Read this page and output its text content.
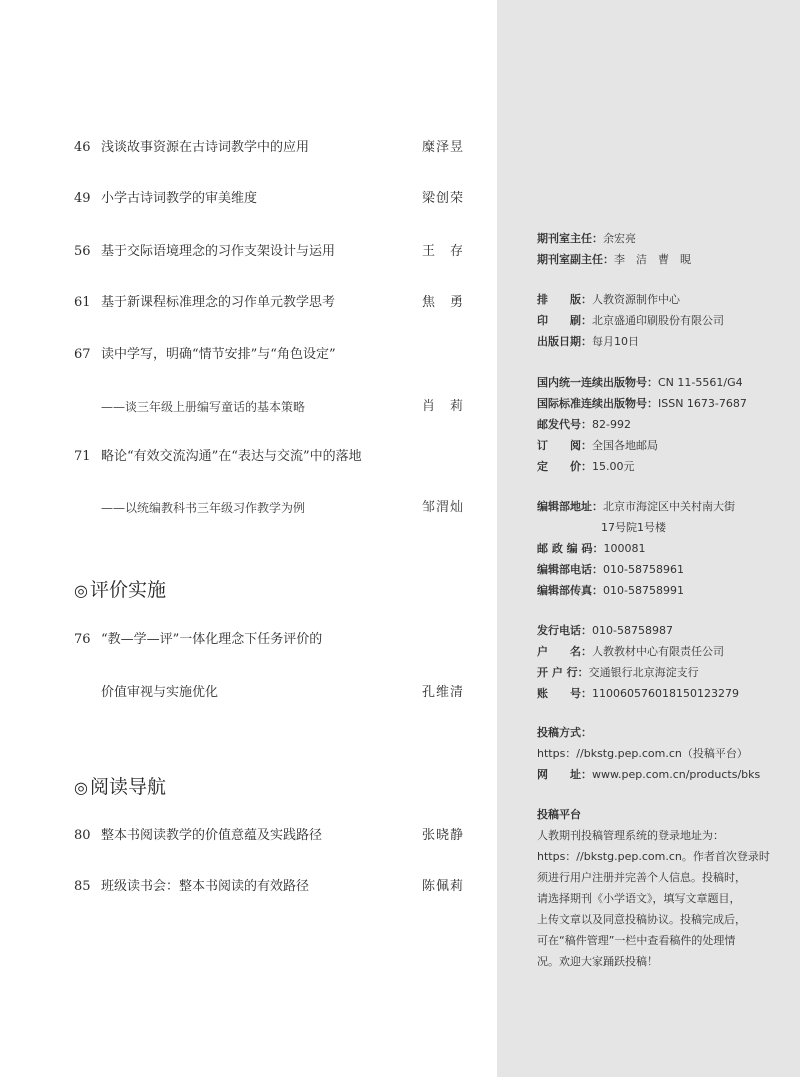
46 浅谈故事资源在古诗词教学中的应用	糜泽昱
49 小学古诗词教学的审美维度	梁创荣
56 基于交际语境理念的习作支架设计与运用	王　存
61 基于新课程标准理念的习作单元教学思考	焦　勇
67 读中学写，明确“情节安排”与“角色设定”
——谈三年级上册编写童话的基本策略	肖　莉
71 略论“有效交流沟通”在“表达与交流”中的落地
——以统编教科书三年级习作教学为例	邹渭灿
◎ 评价实施
76 “教—学—评”一体化理念下任务评价的
价值审视与实施优化	孔维清
◎ 阅读导航
80 整本书阅读教学的价值意蕴及实践路径	张晓静
85 班级读书会：整本书阅读的有效路径	陈佩莉
期刊室主任：余宏亮
期刊室副主任：李　洁　曹　睍
排　　版：人教资源制作中心
印　　刷：北京盛通印刷股份有限公司
出版日期：每月10日
国内统一连续出版物号：CN 11-5561/G4
国际标准连续出版物号：ISSN 1673-7687
邮发代号：82-992
订　　阅：全国各地邮局
定　　价：15.00元
编辑部地址：北京市海淀区中关村南大街
17号院1号楼
邮 政 编 码：100081
编辑部电话：010-58758961
编辑部传真：010-58758991
发行电话：010-58758987
户　　名：人教教材中心有限责任公司
开 户 行：交通银行北京海淀支行
账　　号：110060576018150123279
投稿方式：
https：//bkstg.pep.com.cn（投稿平台）
网　　址：www.pep.com.cn/products/bks
投稿平台
人教期刊投稿管理系统的登录地址为：
https：//bkstg.pep.com.cn。作者首次登录时
须进行用户注册并完善个人信息。投稿时，
请选择期刊《小学语文》，填写文章题目，
上传文章以及同意投稿协议。投稿完成后，
可在“稿件管理”一栏中查看稿件的处理情
况。欢迎大家踊跃投稿！
